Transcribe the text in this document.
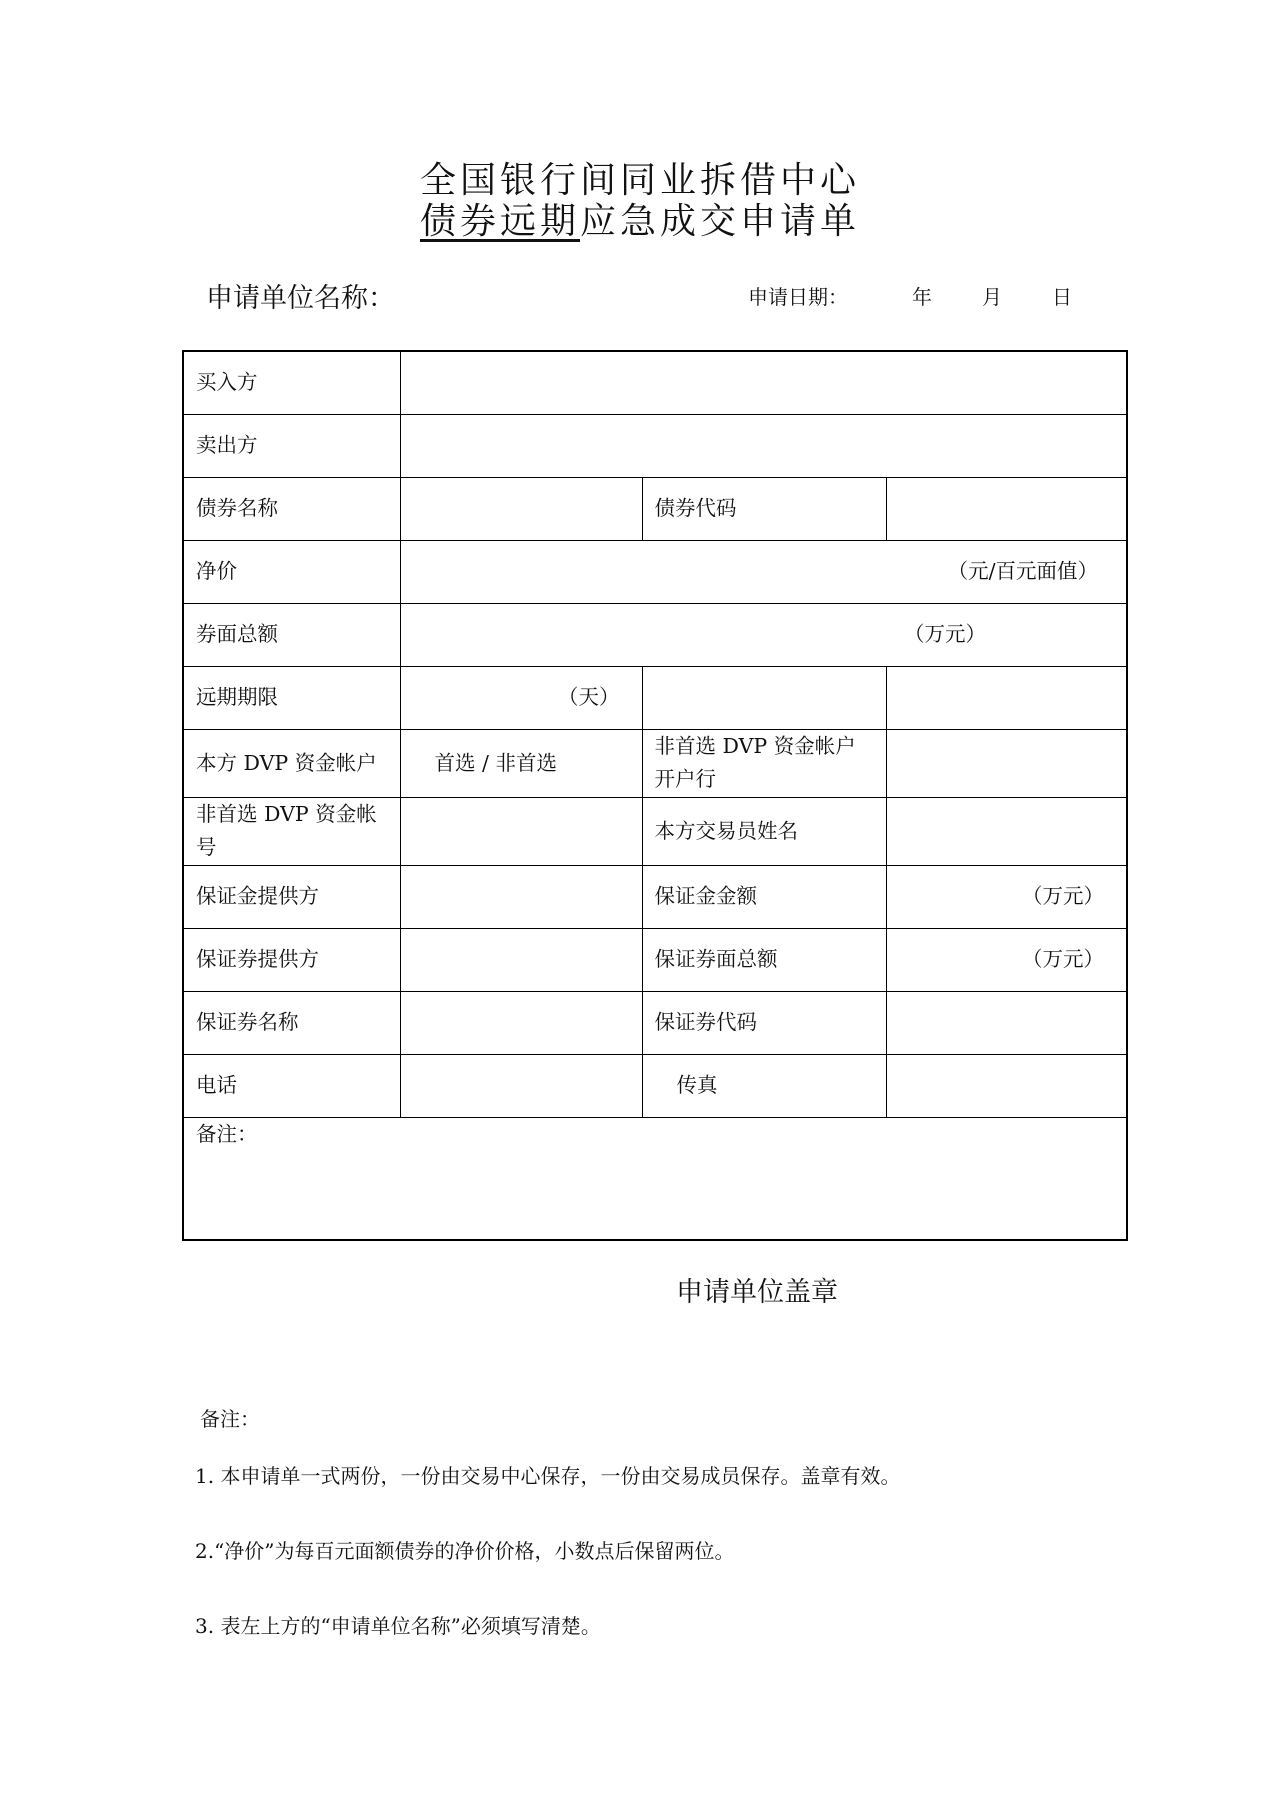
全国银行间同业拆借中心
债券远期应急成交申请单
申请单位名称：	申请日期：	年	月	日
买入方			
卖出方			
债券名称		债券代码	
净价	（元/百元面值）		
券面总额	（万元）		
远期期限	（天）		
本方 DVP 资金帐户	首选 / 非首选	非首选 DVP 资金帐户开户行	
非首选 DVP 资金帐号		本方交易员姓名	
保证金提供方		保证金金额	（万元）
保证券提供方		保证券面总额	（万元）
保证券名称		保证券代码	
电话		传真	
备注：			
申请单位盖章
备注：
1. 本申请单一式两份，一份由交易中心保存，一份由交易成员保存。盖章有效。
2.“净价”为每百元面额债券的净价价格，小数点后保留两位。
3. 表左上方的“申请单位名称”必须填写清楚。
